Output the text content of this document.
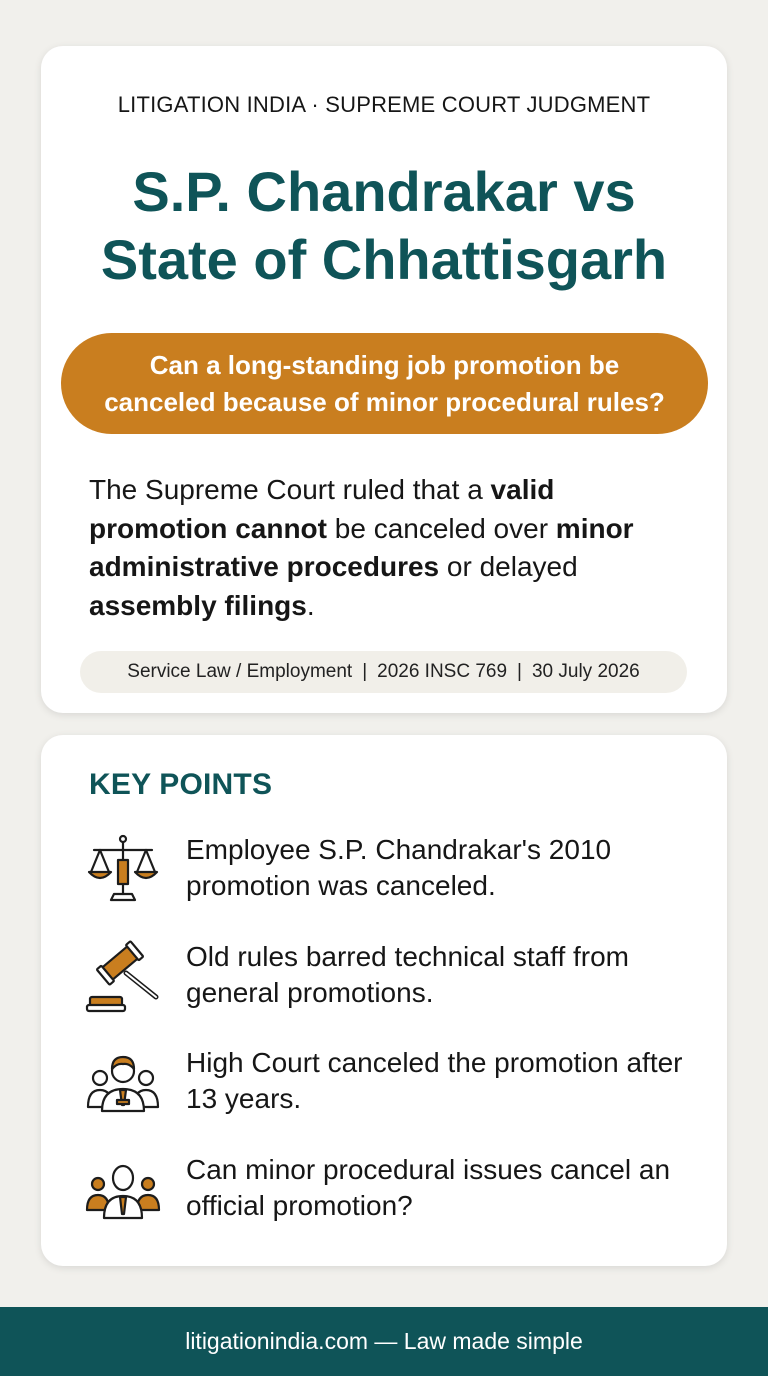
LITIGATION INDIA · SUPREME COURT JUDGMENT
S.P. Chandrakar vs
State of Chhattisgarh
Can a long-standing job promotion be
canceled because of minor procedural rules?
The Supreme Court ruled that a valid promotion cannot be canceled over minor administrative procedures or delayed assembly filings.
Service Law / Employment | 2026 INSC 769 | 30 July 2026
KEY POINTS
Employee S.P. Chandrakar's 2010 promotion was canceled.
Old rules barred technical staff from general promotions.
High Court canceled the promotion after 13 years.
Can minor procedural issues cancel an official promotion?
litigationindia.com — Law made simple
